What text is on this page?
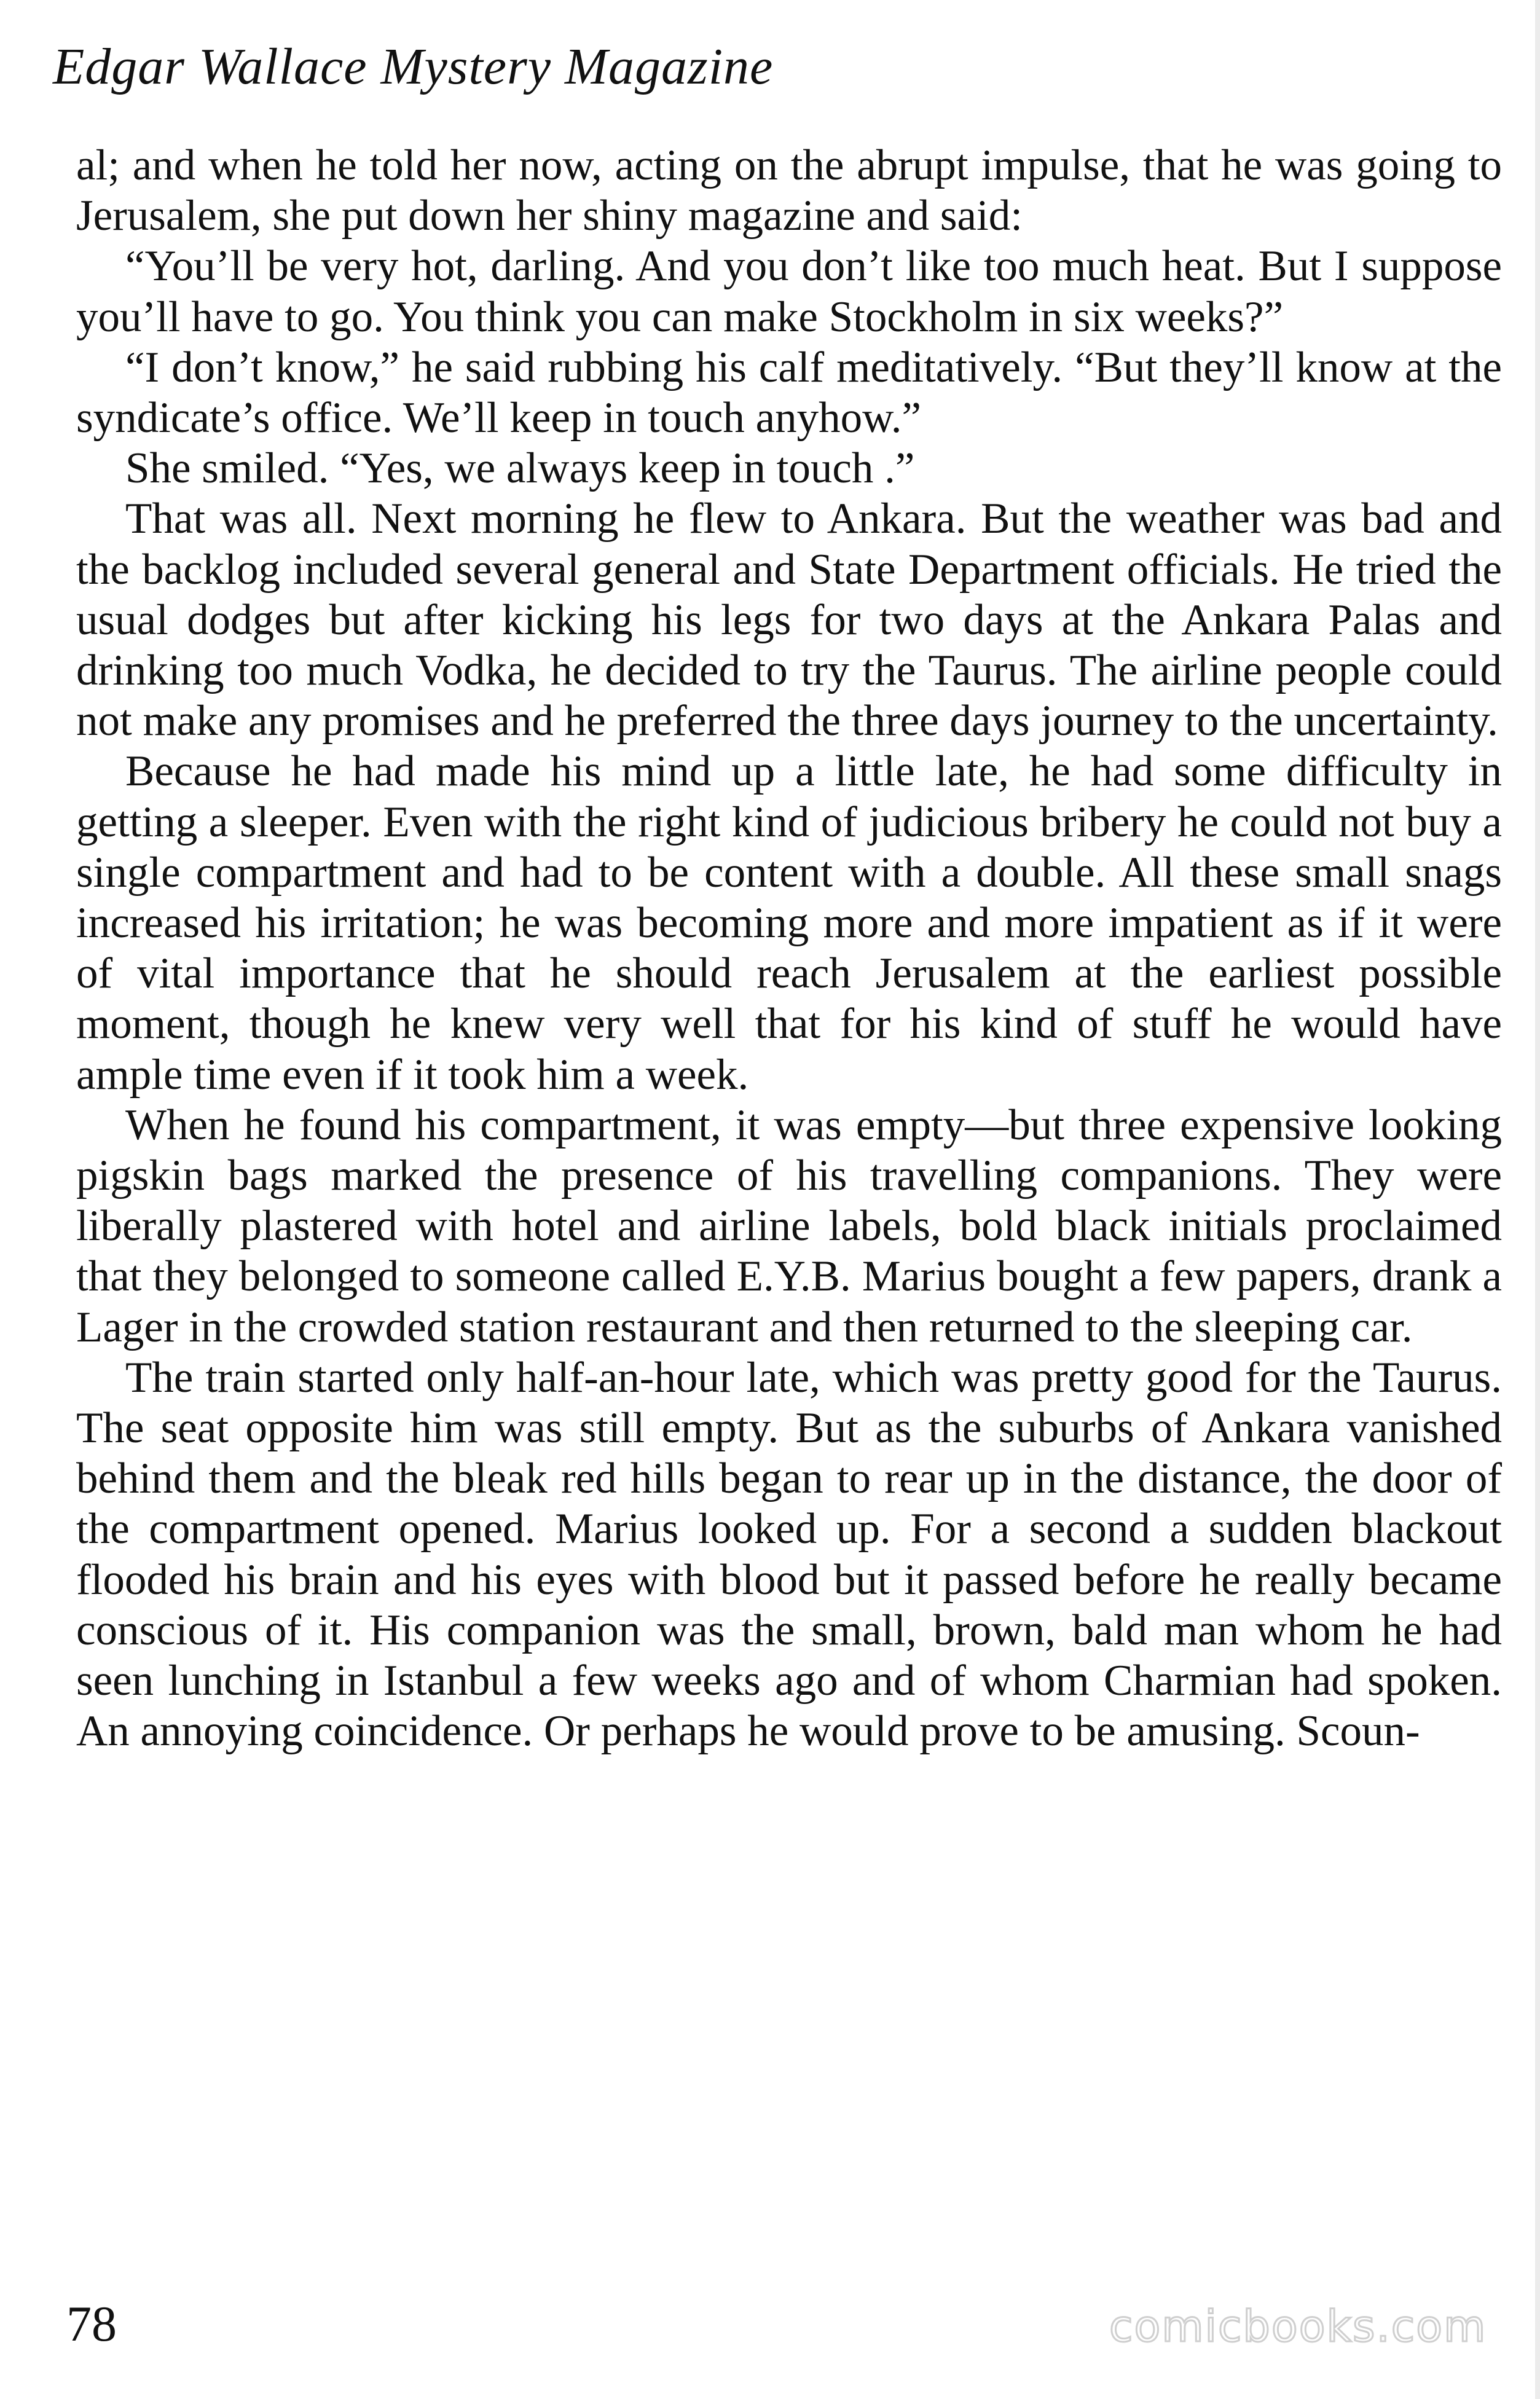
Edgar Wallace Mystery Magazine

al; and when he told her now, acting on the abrupt impulse, that he was going to Jerusalem, she put down her shiny magazine and said:

“You’ll be very hot, darling. And you don’t like too much heat. But I suppose you’ll have to go. You think you can make Stockholm in six weeks?”

“I don’t know,” he said rubbing his calf meditatively. “But they’ll know at the syndicate’s office. We’ll keep in touch anyhow.”

She smiled. “Yes, we always keep in touch .”

That was all. Next morning he flew to Ankara. But the weather was bad and the backlog included several general and State Department officials. He tried the usual dodges but after kicking his legs for two days at the Ankara Palas and drinking too much Vodka, he decided to try the Taurus. The airline people could not make any promises and he preferred the three days journey to the uncertainty.

Because he had made his mind up a little late, he had some difficulty in getting a sleeper. Even with the right kind of judicious bribery he could not buy a single compartment and had to be content with a double. All these small snags increased his irritation; he was becoming more and more impatient as if it were of vital importance that he should reach Jerusalem at the earliest possible moment, though he knew very well that for his kind of stuff he would have ample time even if it took him a week.

When he found his compartment, it was empty—but three expensive looking pigskin bags marked the presence of his travelling companions. They were liberally plastered with hotel and airline labels, bold black initials proclaimed that they belonged to someone called E.Y.B. Marius bought a few papers, drank a Lager in the crowded station restaurant and then returned to the sleeping car.

The train started only half-an-hour late, which was pretty good for the Taurus. The seat opposite him was still empty. But as the suburbs of Ankara vanished behind them and the bleak red hills began to rear up in the distance, the door of the compartment opened. Marius looked up. For a second a sudden blackout flooded his brain and his eyes with blood but it passed before he really became conscious of it. His companion was the small, brown, bald man whom he had seen lunching in Istanbul a few weeks ago and of whom Charmian had spoken. An annoying coincidence. Or perhaps he would prove to be amusing. Scoun-

78	comicbooks.com
